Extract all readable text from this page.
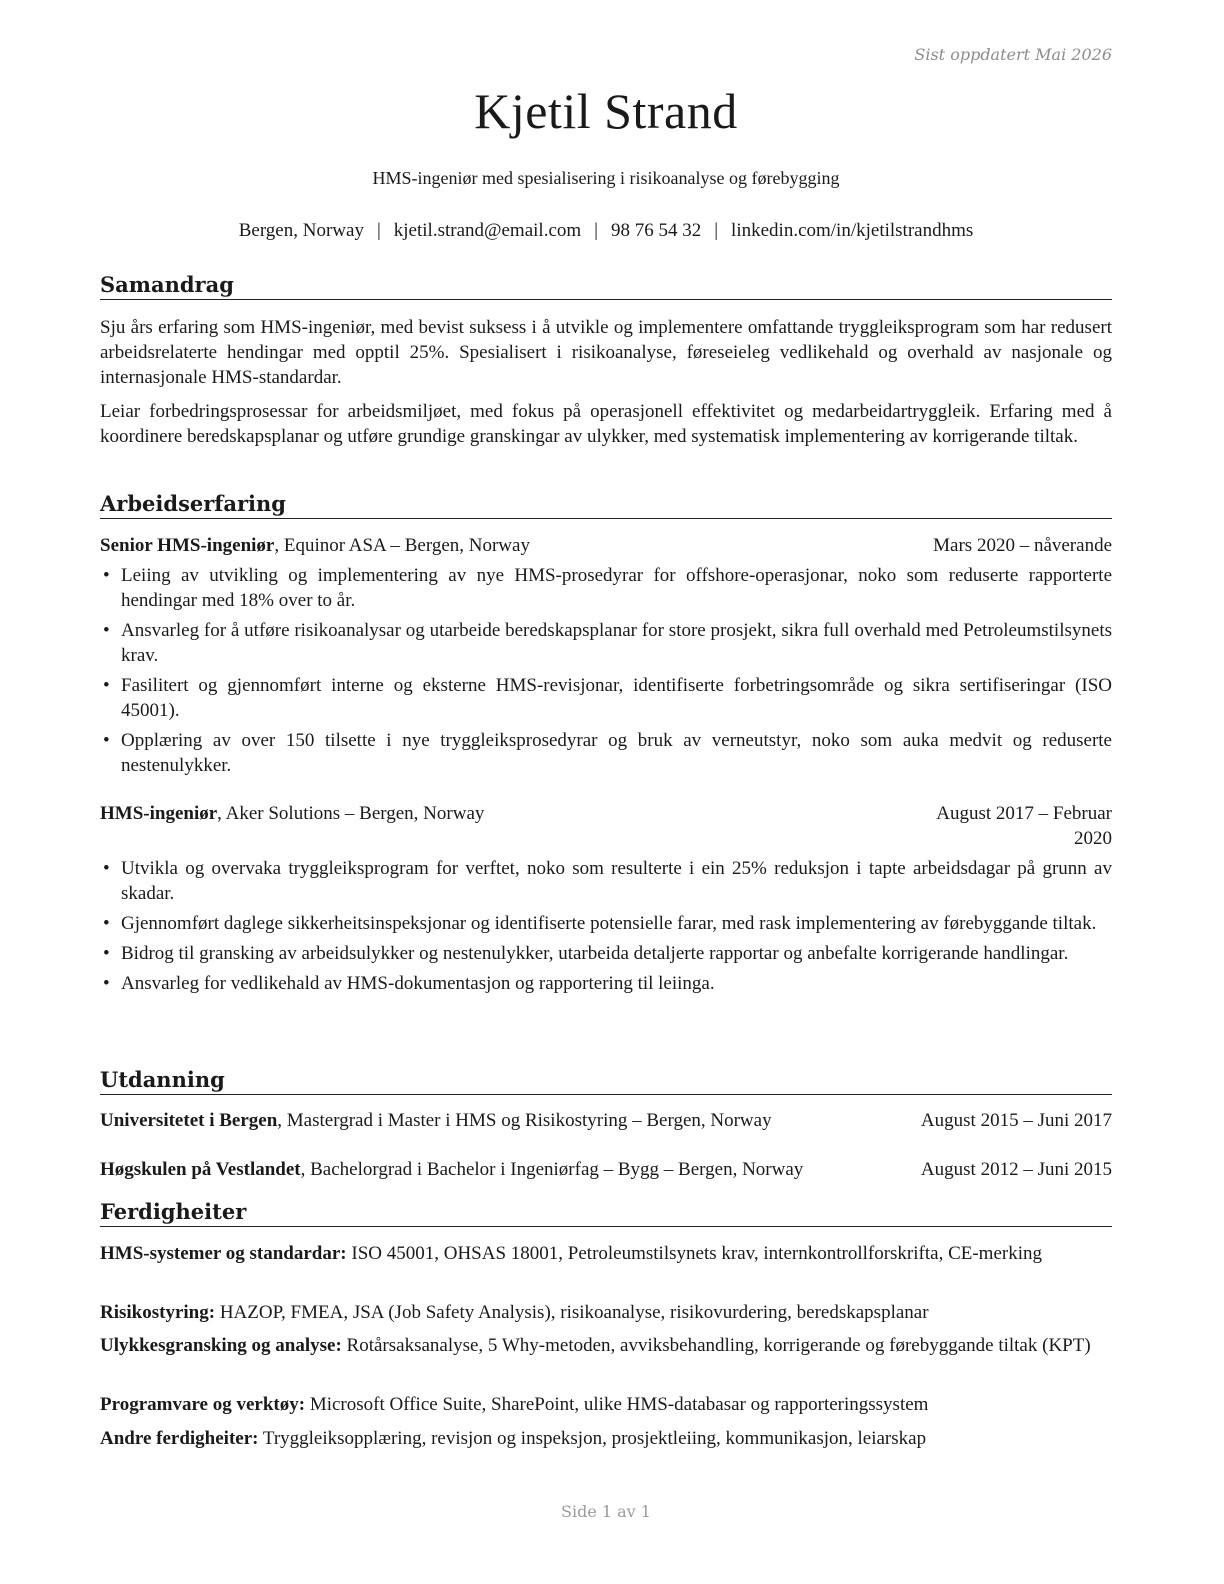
Sist oppdatert Mai 2026
Kjetil Strand
HMS-ingeniør med spesialisering i risikoanalyse og førebygging
Bergen, Norway | kjetil.strand@email.com | 98 76 54 32 | linkedin.com/in/kjetilstrandhms
Samandrag

Sju års erfaring som HMS-ingeniør, med bevist suksess i å utvikle og implementere omfattande tryggleiksprogram som har redusert arbeidsrelaterte hendingar med opptil 25%. Spesialisert i risikoanalyse, føreseieleg vedlikehald og overhald av nasjonale og internasjonale HMS-standardar.

Leiar forbedringsprosessar for arbeidsmiljøet, med fokus på operasjonell effektivitet og medarbeidartryggleik. Erfaring med å koordinere beredskapsplanar og utføre grundige granskingar av ulykker, med systematisk implementering av korrigerande tiltak.

Arbeidserfaring
Senior HMS-ingeniør, Equinor ASA – Bergen, Norway	Mars 2020 – nåverande
• Leiing av utvikling og implementering av nye HMS-prosedyrar for offshore-operasjonar, noko som reduserte rapporterte hendingar med 18% over to år.
• Ansvarleg for å utføre risikoanalysar og utarbeide beredskapsplanar for store prosjekt, sikra full overhald med Petroleumstilsynets krav.
• Fasilitert og gjennomført interne og eksterne HMS-revisjonar, identifiserte forbetringsområde og sikra sertifiseringar (ISO 45001).
• Opplæring av over 150 tilsette i nye tryggleiksprosedyrar og bruk av verneutstyr, noko som auka medvit og reduserte nestenulykker.
HMS-ingeniør, Aker Solutions – Bergen, Norway	August 2017 – Februar
2020
• Utvikla og overvaka tryggleiksprogram for verftet, noko som resulterte i ein 25% reduksjon i tapte arbeidsdagar på grunn av skadar.
• Gjennomført daglege sikkerheitsinspeksjonar og identifiserte potensielle farar, med rask implementering av førebyggande tiltak.
• Bidrog til gransking av arbeidsulykker og nestenulykker, utarbeida detaljerte rapportar og anbefalte korrigerande handlingar.
• Ansvarleg for vedlikehald av HMS-dokumentasjon og rapportering til leiinga.
Utdanning
Universitetet i Bergen, Mastergrad i Master i HMS og Risikostyring – Bergen, Norway	August 2015 – Juni 2017
Høgskulen på Vestlandet, Bachelorgrad i Bachelor i Ingeniørfag – Bygg – Bergen, Norway	August 2012 – Juni 2015
Ferdigheiter
HMS-systemer og standardar: ISO 45001, OHSAS 18001, Petroleumstilsynets krav, internkontrollforskrifta, CE-merking
Risikostyring: HAZOP, FMEA, JSA (Job Safety Analysis), risikoanalyse, risikovurdering, beredskapsplanar
Ulykkesgransking og analyse: Rotårsaksanalyse, 5 Why-metoden, avviksbehandling, korrigerande og førebyggande tiltak (KPT)
Programvare og verktøy: Microsoft Office Suite, SharePoint, ulike HMS-databasar og rapporteringssystem
Andre ferdigheiter: Tryggleiksopplæring, revisjon og inspeksjon, prosjektleiing, kommunikasjon, leiarskap
Side 1 av 1
